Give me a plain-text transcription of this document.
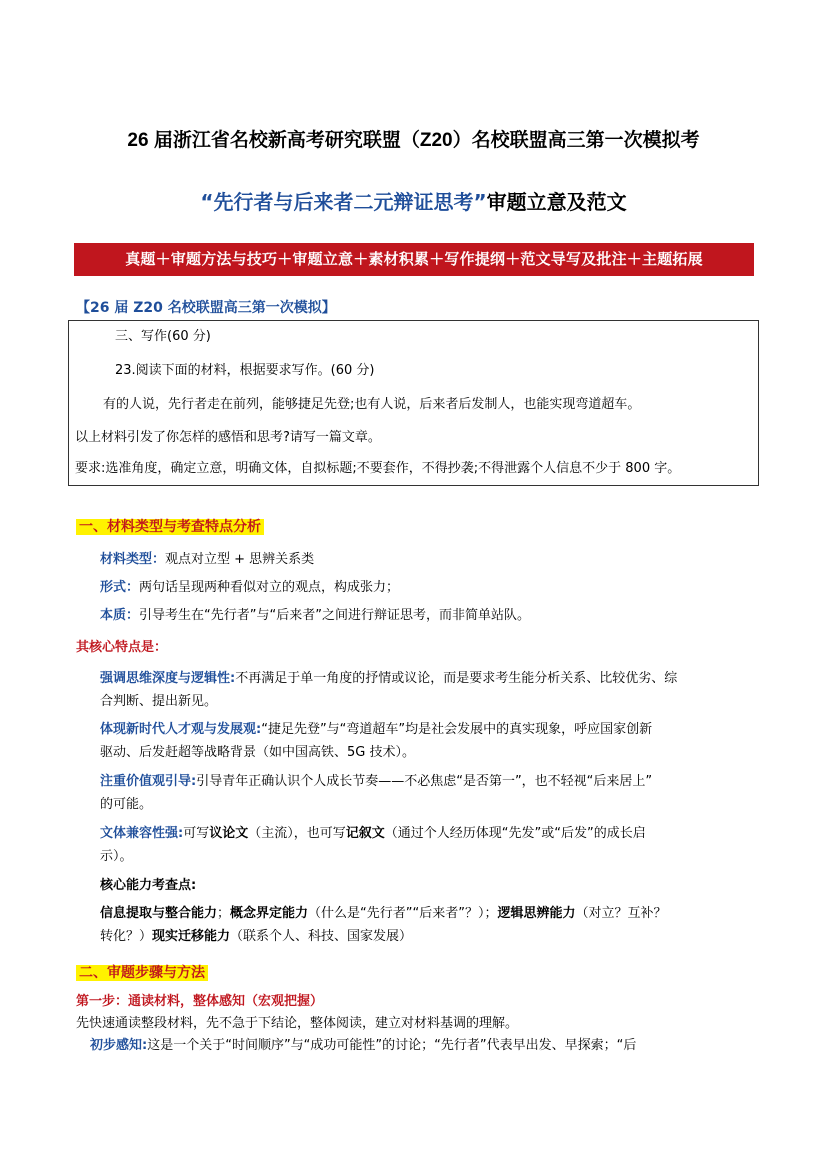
26 届浙江省名校新高考研究联盟（Z20）名校联盟高三第一次模拟考
“先行者与后来者二元辩证思考”审题立意及范文
真题＋审题方法与技巧＋审题立意＋素材积累＋写作提纲＋范文导写及批注＋主题拓展
【26 届 Z20 名校联盟高三第一次模拟】
三、写作(60 分)
23.阅读下面的材料，根据要求写作。(60 分)
有的人说，先行者走在前列，能够捷足先登;也有人说，后来者后发制人，也能实现弯道超车。
以上材料引发了你怎样的感悟和思考?请写一篇文章。
要求:选准角度，确定立意，明确文体，自拟标题;不要套作，不得抄袭;不得泄露个人信息不少于 800 字。
一、材料类型与考查特点分析
材料类型：观点对立型 + 思辨关系类
形式：两句话呈现两种看似对立的观点，构成张力；
本质：引导考生在“先行者”与“后来者”之间进行辩证思考，而非简单站队。
其核心特点是：
强调思维深度与逻辑性:不再满足于单一角度的抒情或议论，而是要求考生能分析关系、比较优劣、综
合判断、提出新见。
体现新时代人才观与发展观:“捷足先登”与“弯道超车”均是社会发展中的真实现象，呼应国家创新
驱动、后发赶超等战略背景（如中国高铁、5G 技术）。
注重价值观引导:引导青年正确认识个人成长节奏——不必焦虑“是否第一”，也不轻视“后来居上”
的可能。
文体兼容性强:可写议论文（主流），也可写记叙文（通过个人经历体现“先发”或“后发”的成长启
示）。
核心能力考查点:
信息提取与整合能力；概念界定能力（什么是“先行者”“后来者”？）；逻辑思辨能力（对立？互补？
转化？）现实迁移能力（联系个人、科技、国家发展）
二、审题步骤与方法
第一步：通读材料，整体感知（宏观把握）
先快速通读整段材料，先不急于下结论，整体阅读，建立对材料基调的理解。
初步感知:这是一个关于“时间顺序”与“成功可能性”的讨论；“先行者”代表早出发、早探索；“后
